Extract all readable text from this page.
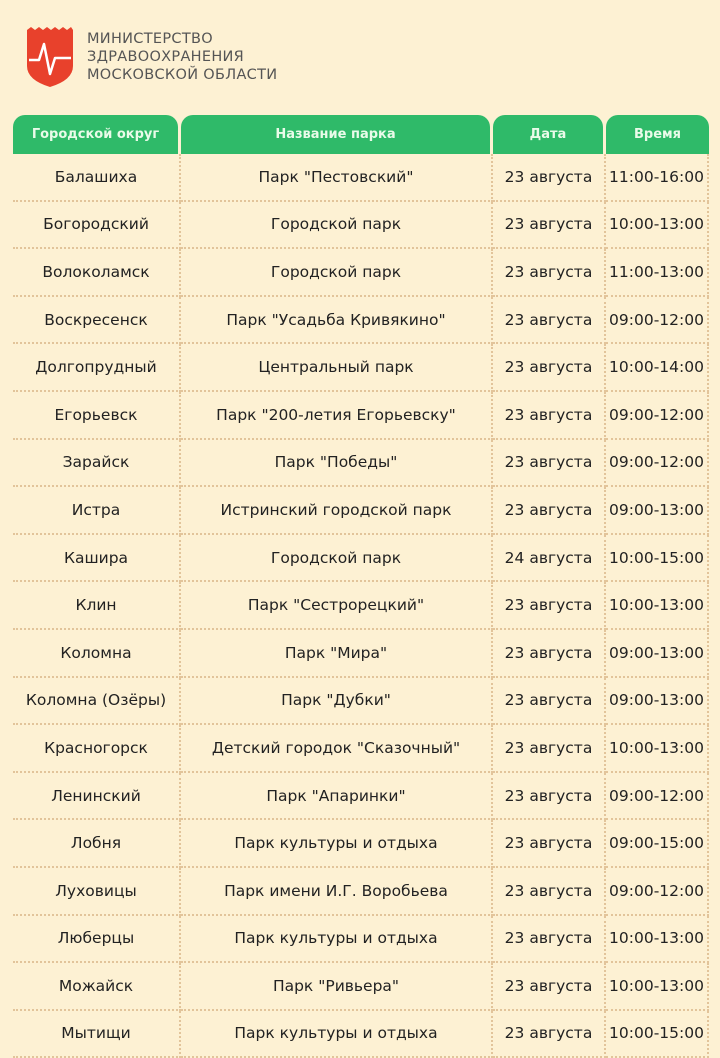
МИНИСТЕРСТВО
ЗДРАВООХРАНЕНИЯ
МОСКОВСКОЙ ОБЛАСТИ
Городской округ	Название парка	Дата	Время

Балашиха	Парк "Пестовский"	23 августа	11:00-16:00
Богородский	Городской парк	23 августа	10:00-13:00
Волоколамск	Городской парк	23 августа	11:00-13:00
Воскресенск	Парк "Усадьба Кривякино"	23 августа	09:00-12:00
Долгопрудный	Центральный парк	23 августа	10:00-14:00
Егорьевск	Парк "200-летия Егорьевску"	23 августа	09:00-12:00
Зарайск	Парк "Победы"	23 августа	09:00-12:00
Истра	Истринский городской парк	23 августа	09:00-13:00
Кашира	Городской парк	24 августа	10:00-15:00
Клин	Парк "Сестрорецкий"	23 августа	10:00-13:00
Коломна	Парк "Мира"	23 августа	09:00-13:00
Коломна (Озёры)	Парк "Дубки"	23 августа	09:00-13:00
Красногорск	Детский городок "Сказочный"	23 августа	10:00-13:00
Ленинский	Парк "Апаринки"	23 августа	09:00-12:00
Лобня	Парк культуры и отдыха	23 августа	09:00-15:00
Луховицы	Парк имени И.Г. Воробьева	23 августа	09:00-12:00
Люберцы	Парк культуры и отдыха	23 августа	10:00-13:00
Можайск	Парк "Ривьера"	23 августа	10:00-13:00
Мытищи	Парк культуры и отдыха	23 августа	10:00-15:00
